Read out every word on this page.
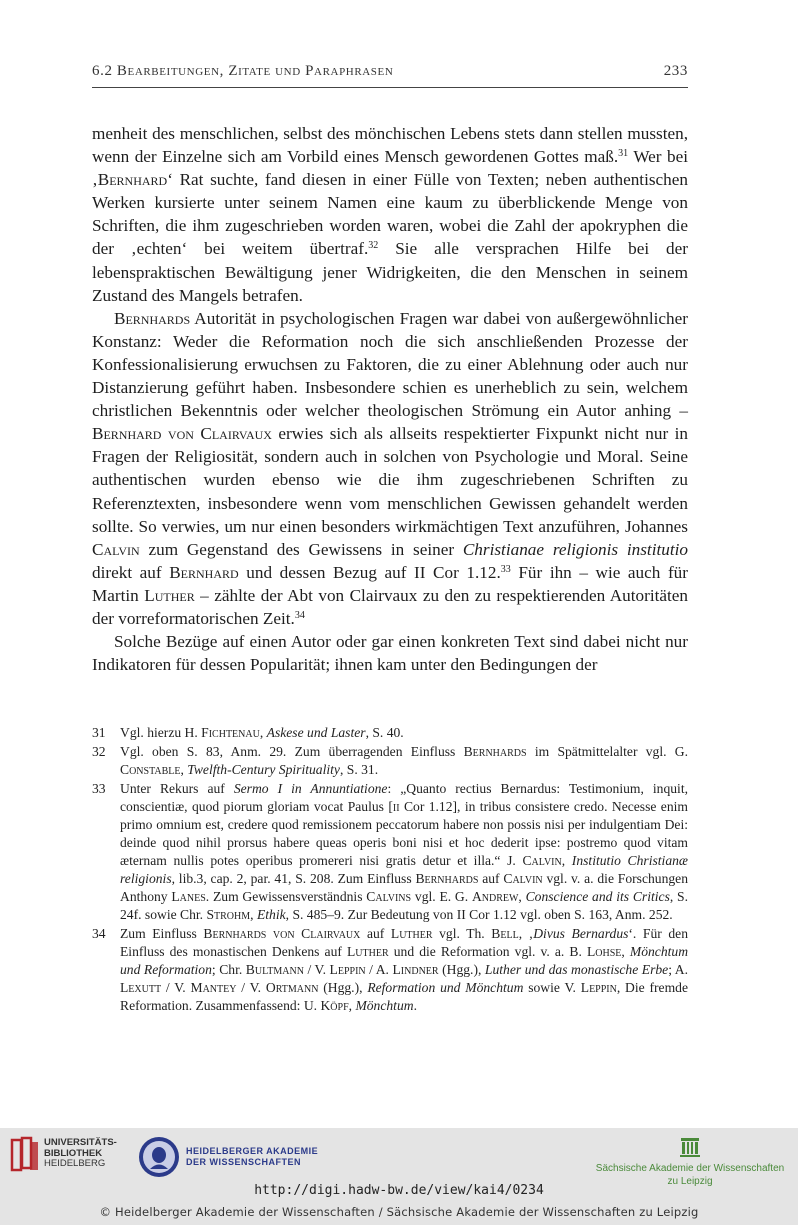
6.2 Bearbeitungen, Zitate und Paraphrasen	233

menheit des menschlichen, selbst des mönchischen Lebens stets dann stellen mussten, wenn der Einzelne sich am Vorbild eines Mensch gewordenen Gottes maß.$^{31}$ Wer bei ‚Bernhard‘ Rat suchte, fand diesen in einer Fülle von Texten; neben authentischen Werken kursierte unter seinem Namen eine kaum zu überblickende Menge von Schriften, die ihm zugeschrieben worden waren, wobei die Zahl der apokryphen die der ‚echten‘ bei weitem übertraf.$^{32}$ Sie alle versprachen Hilfe bei der lebenspraktischen Bewältigung jener Widrigkeiten, die den Menschen in seinem Zustand des Mangels betrafen.

Bernhards Autorität in psychologischen Fragen war dabei von außergewöhnlicher Konstanz: Weder die Reformation noch die sich anschließenden Prozesse der Konfessionalisierung erwuchsen zu Faktoren, die zu einer Ablehnung oder auch nur Distanzierung geführt haben. Insbesondere schien es unerheblich zu sein, welchem christlichen Bekenntnis oder welcher theologischen Strömung ein Autor anhing – Bernhard von Clairvaux erwies sich als allseits respektierter Fixpunkt nicht nur in Fragen der Religiosität, sondern auch in solchen von Psychologie und Moral. Seine authentischen wurden ebenso wie die ihm zugeschriebenen Schriften zu Referenztexten, insbesondere wenn vom menschlichen Gewissen gehandelt werden sollte. So verwies, um nur einen besonders wirkmächtigen Text anzuführen, Johannes Calvin zum Gegenstand des Gewissens in seiner Christianae religionis institutio direkt auf Bernhard und dessen Bezug auf II Cor 1.12.33 Für ihn – wie auch für Martin Luther – zählte der Abt von Clairvaux zu den zu respektierenden Autoritäten der vorreformatorischen Zeit.$^{34}$

Solche Bezüge auf einen Autor oder gar einen konkreten Text sind dabei nicht nur Indikatoren für dessen Popularität; ihnen kam unter den Bedingungen der

31	Vgl. hierzu H. Fichtenau, Askese und Laster, S. 40.
32	Vgl. oben S. 83, Anm. 29. Zum überragenden Einfluss Bernhards im Spätmittelalter vgl. G. Constable, Twelfth-Century Spirituality, S. 31.
33	Unter Rekurs auf Sermo I in Annuntiatione: „Quanto rectius Bernardus: Testimonium, inquit, conscientiæ, quod piorum gloriam vocat Paulus [ii Cor 1.12], in tribus consistere credo. Necesse enim primo omnium est, credere quod remissionem peccatorum habere non possis nisi per indulgentiam Dei: deinde quod nihil prorsus habere queas operis boni nisi et hoc dederit ipse: postremo quod vitam æternam nullis potes operibus promereri nisi gratis detur et illa.“ J. Calvin, Institutio Christianæ religionis, lib.3, cap. 2, par. 41, S. 208. Zum Einfluss Bernhards auf Calvin vgl. v. a. die Forschungen Anthony Lanes. Zum Gewissensverständnis Calvins vgl. E. G. Andrew, Conscience and its Critics, S. 24f. sowie Chr. Strohm, Ethik, S. 485–9. Zur Bedeutung von II Cor 1.12 vgl. oben S. 163, Anm. 252.
34	Zum Einfluss Bernhards von Clairvaux auf Luther vgl. Th. Bell, ‚Divus Bernardus‘. Für den Einfluss des monastischen Denkens auf Luther und die Reformation vgl. v. a. B. Lohse, Mönchtum und Reformation; Chr. Bultmann / V. Leppin / A. Lindner (Hgg.), Luther und das monastische Erbe; A. Lexutt / V. Mantey / V. Ortmann (Hgg.), Reformation und Mönchtum sowie V. Leppin, Die fremde Reformation. Zusammenfassend: U. Köpf, Mönchtum.
UNIVERSITÄTS-
BIBLIOTHEK
HEIDELBERG
HEIDELBERGER AKADEMIE
DER WISSENSCHAFTEN
Sächsische Akademie der Wissenschaften
zu Leipzig
http://digi.hadw-bw.de/view/kai4/0234
© Heidelberger Akademie der Wissenschaften / Sächsische Akademie der Wissenschaften zu Leipzig
